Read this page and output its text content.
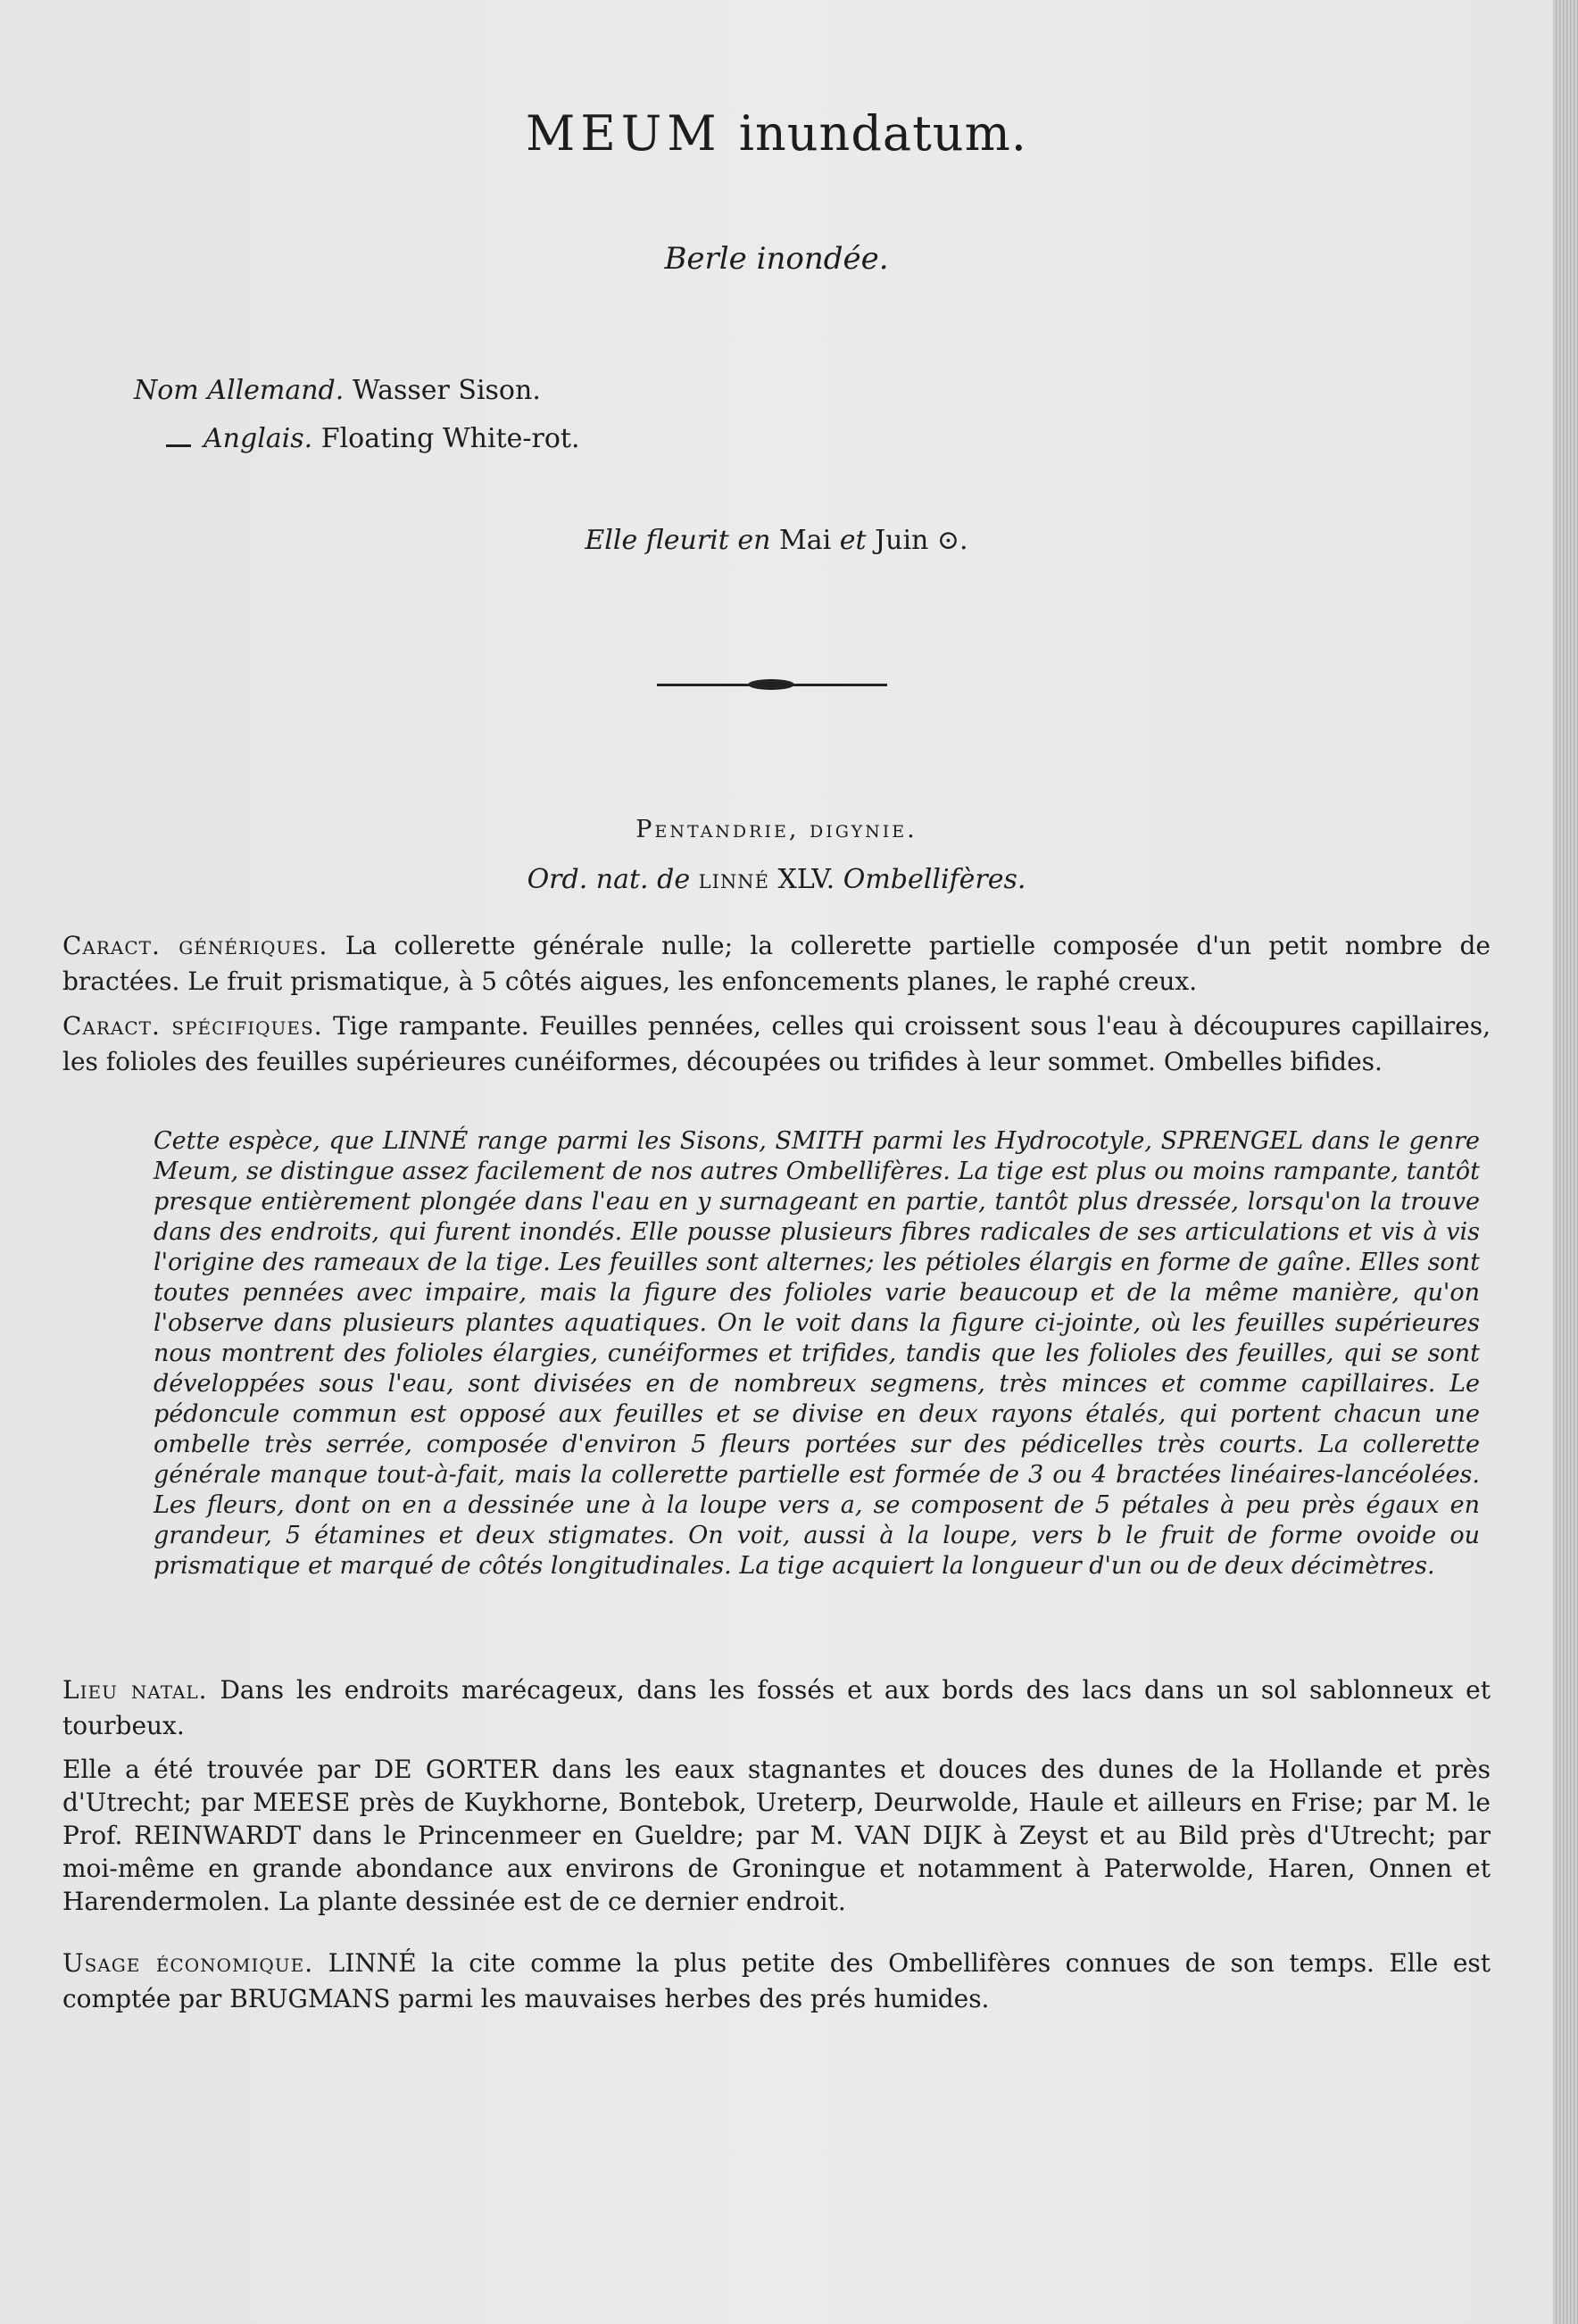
MEUM inundatum.
Berle inondée.
Nom Allemand. Wasser Sison.
Anglais. Floating White-rot.
Elle fleurit en Mai et Juin ⊙.
Pentandrie, digynie.
Ord. nat. de linné XLV. Ombellifères.
Caract. génériques. La collerette générale nulle; la collerette partielle composée d'un petit nombre de bractées. Le fruit prismatique, à 5 côtés aigues, les enfoncements planes, le raphé creux.
Caract. spécifiques. Tige rampante. Feuilles pennées, celles qui croissent sous l'eau à découpures capillaires, les folioles des feuilles supérieures cunéiformes, découpées ou trifides à leur sommet. Ombelles bifides.
Cette espèce, que LINNÉ range parmi les Sisons, SMITH parmi les Hydrocotyle, SPRENGEL dans le genre Meum, se distingue assez facilement de nos autres Ombellifères. La tige est plus ou moins rampante, tantôt presque entièrement plongée dans l'eau en y surnageant en partie, tantôt plus dressée, lorsqu'on la trouve dans des endroits, qui furent inondés. Elle pousse plusieurs fibres radicales de ses articulations et vis à vis l'origine des rameaux de la tige. Les feuilles sont alternes; les pétioles élargis en forme de gaîne. Elles sont toutes pennées avec impaire, mais la figure des folioles varie beaucoup et de la même manière, qu'on l'observe dans plusieurs plantes aquatiques. On le voit dans la figure ci-jointe, où les feuilles supérieures nous montrent des folioles élargies, cunéiformes et trifides, tandis que les folioles des feuilles, qui se sont développées sous l'eau, sont divisées en de nombreux segmens, très minces et comme capillaires. Le pédoncule commun est opposé aux feuilles et se divise en deux rayons étalés, qui portent chacun une ombelle très serrée, composée d'environ 5 fleurs portées sur des pédicelles très courts. La collerette générale manque tout-à-fait, mais la collerette partielle est formée de 3 ou 4 bractées linéaires-lancéolées. Les fleurs, dont on en a dessinée une à la loupe vers a, se composent de 5 pétales à peu près égaux en grandeur, 5 étamines et deux stigmates. On voit, aussi à la loupe, vers b le fruit de forme ovoide ou prismatique et marqué de côtés longitudinales. La tige acquiert la longueur d'un ou de deux décimètres.
Lieu natal. Dans les endroits marécageux, dans les fossés et aux bords des lacs dans un sol sablonneux et tourbeux.
Elle a été trouvée par DE GORTER dans les eaux stagnantes et douces des dunes de la Hollande et près d'Utrecht; par MEESE près de Kuykhorne, Bontebok, Ureterp, Deurwolde, Haule et ailleurs en Frise; par M. le Prof. REINWARDT dans le Princenmeer en Gueldre; par M. VAN DIJK à Zeyst et au Bild près d'Utrecht; par moi-même en grande abondance aux environs de Groningue et notamment à Paterwolde, Haren, Onnen et Harendermolen. La plante dessinée est de ce dernier endroit.
Usage économique. LINNÉ la cite comme la plus petite des Ombellifères connues de son temps. Elle est comptée par BRUGMANS parmi les mauvaises herbes des prés humides.
